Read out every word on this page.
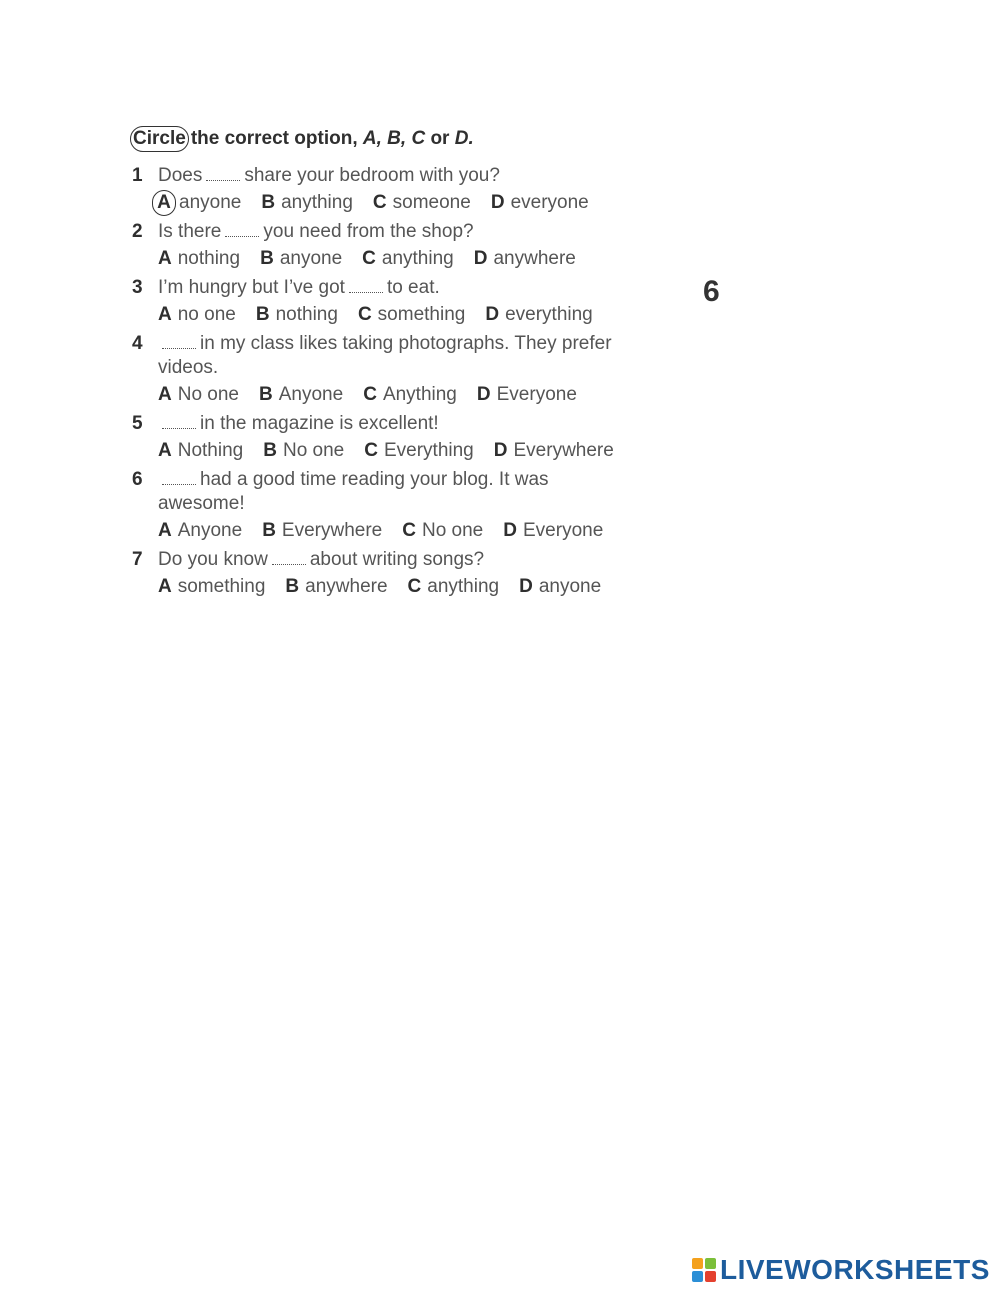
Circle the correct option, A, B, C or D.
1 Does share your bedroom with you?
A anyone B anything C someone D everyone
2 Is there you need from the shop?
A nothing B anyone C anything D anywhere
3 I’m hungry but I’ve got to eat.
A no one B nothing C something D everything
4	in my class likes taking photographs. They prefer
videos.
A No one B Anyone C Anything D Everyone
5	in the magazine is excellent!
A Nothing B No one C Everything D Everywhere
6	had a good time reading your blog. It was
awesome!
A Anyone B Everywhere C No one D Everyone
7 Do you know about writing songs?
A something B anywhere C anything D anyone
6
LIVEWORKSHEETS
